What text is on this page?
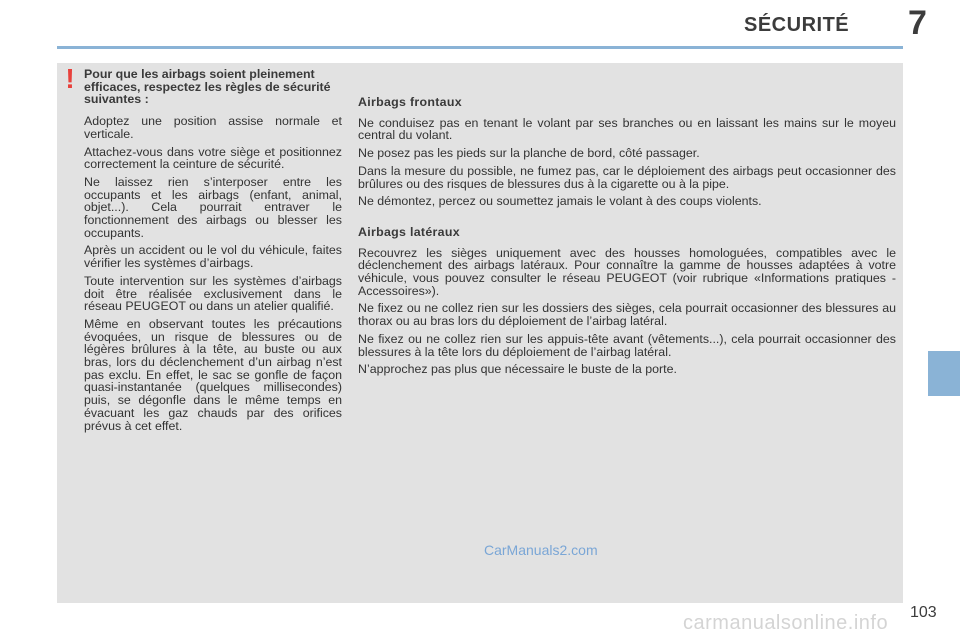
SÉCURITÉ 7
! Pour que les airbags soient pleinement efficaces, respectez les règles de sécurité suivantes :

Adoptez une position assise normale et verticale.

Attachez-vous dans votre siège et positionnez correctement la ceinture de sécurité.

Ne laissez rien s’interposer entre les occupants et les airbags (enfant, animal, objet...). Cela pourrait entraver le fonctionnement des airbags ou blesser les occupants.

Après un accident ou le vol du véhicule, faites vérifier les systèmes d’airbags.

Toute intervention sur les systèmes d’airbags doit être réalisée exclusivement dans le réseau PEUGEOT ou dans un atelier qualifié.

Même en observant toutes les précautions évoquées, un risque de blessures ou de légères brûlures à la tête, au buste ou aux bras, lors du déclenchement d’un airbag n’est pas exclu. En effet, le sac se gonfle de façon quasi-instantanée (quelques millisecondes) puis, se dégonfle dans le même temps en évacuant les gaz chauds par des orifices prévus à cet effet.

Airbags frontaux

Ne conduisez pas en tenant le volant par ses branches ou en laissant les mains sur le moyeu central du volant.

Ne posez pas les pieds sur la planche de bord, côté passager.

Dans la mesure du possible, ne fumez pas, car le déploiement des airbags peut occasionner des brûlures ou des risques de blessures dus à la cigarette ou à la pipe.

Ne démontez, percez ou soumettez jamais le volant à des coups violents.

Airbags latéraux

Recouvrez les sièges uniquement avec des housses homologuées, compatibles avec le déclenchement des airbags latéraux. Pour connaître la gamme de housses adaptées à votre véhicule, vous pouvez consulter le réseau PEUGEOT (voir rubrique «Informations pratiques - Accessoires»).

Ne fixez ou ne collez rien sur les dossiers des sièges, cela pourrait occasionner des blessures au thorax ou au bras lors du déploiement de l’airbag latéral.

Ne fixez ou ne collez rien sur les appuis-tête avant (vêtements...), cela pourrait occasionner des blessures à la tête lors du déploiement de l’airbag latéral.

N’approchez pas plus que nécessaire le buste de la porte.

CarManuals2.com
103
carmanualsonline.info
